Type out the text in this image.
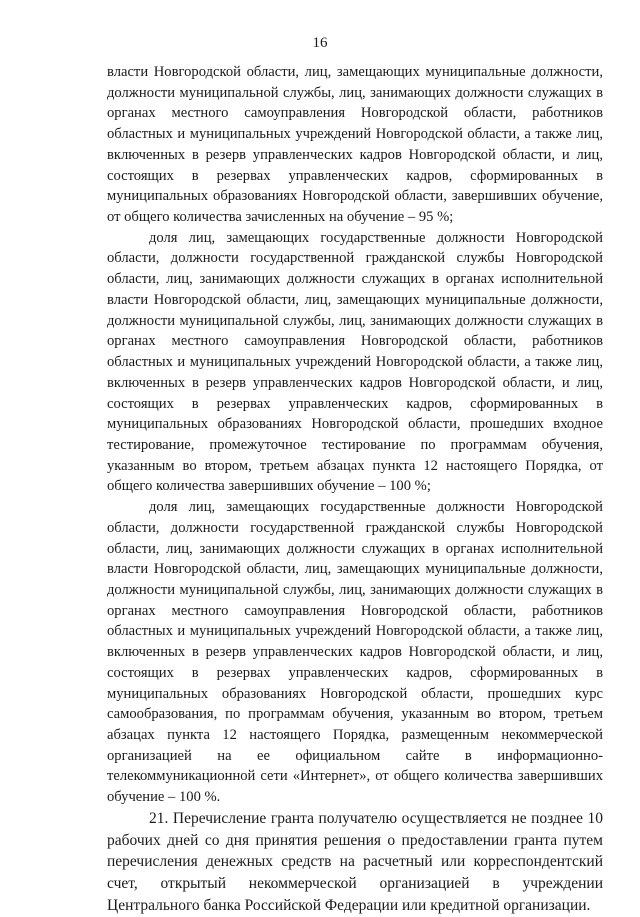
16

власти Новгородской области, лиц, замещающих муниципальные должности, должности муниципальной службы, лиц, занимающих должности служащих в органах местного самоуправления Новгородской области, работников областных и муниципальных учреждений Новгородской области, а также лиц, включенных в резерв управленческих кадров Новгородской области, и лиц, состоящих в резервах управленческих кадров, сформированных в муниципальных образованиях Новгородской области, завершивших обучение, от общего количества зачисленных на обучение – 95 %;

доля лиц, замещающих государственные должности Новгородской области, должности государственной гражданской службы Новгородской области, лиц, занимающих должности служащих в органах исполнительной власти Новгородской области, лиц, замещающих муниципальные должности, должности муниципальной службы, лиц, занимающих должности служащих в органах местного самоуправления Новгородской области, работников областных и муниципальных учреждений Новгородской области, а также лиц, включенных в резерв управленческих кадров Новгородской области, и лиц, состоящих в резервах управленческих кадров, сформированных в муниципальных образованиях Новгородской области, прошедших входное тестирование, промежуточное тестирование по программам обучения, указанным во втором, третьем абзацах пункта 12 настоящего Порядка, от общего количества завершивших обучение – 100 %;

доля лиц, замещающих государственные должности Новгородской области, должности государственной гражданской службы Новгородской области, лиц, занимающих должности служащих в органах исполнительной власти Новгородской области, лиц, замещающих муниципальные должности, должности муниципальной службы, лиц, занимающих должности служащих в органах местного самоуправления Новгородской области, работников областных и муниципальных учреждений Новгородской области, а также лиц, включенных в резерв управленческих кадров Новгородской области, и лиц, состоящих в резервах управленческих кадров, сформированных в муниципальных образованиях Новгородской области, прошедших курс самообразования, по программам обучения, указанным во втором, третьем абзацах пункта 12 настоящего Порядка, размещенным некоммерческой организацией на ее официальном сайте в информационно-телекоммуникационной сети «Интернет», от общего количества завершивших обучение – 100 %.

21. Перечисление гранта получателю осуществляется не позднее 10 рабочих дней со дня принятия решения о предоставлении гранта путем перечисления денежных средств на расчетный или корреспондентский счет, открытый некоммерческой организацией в учреждении Центрального банка Российской Федерации или кредитной организации.
